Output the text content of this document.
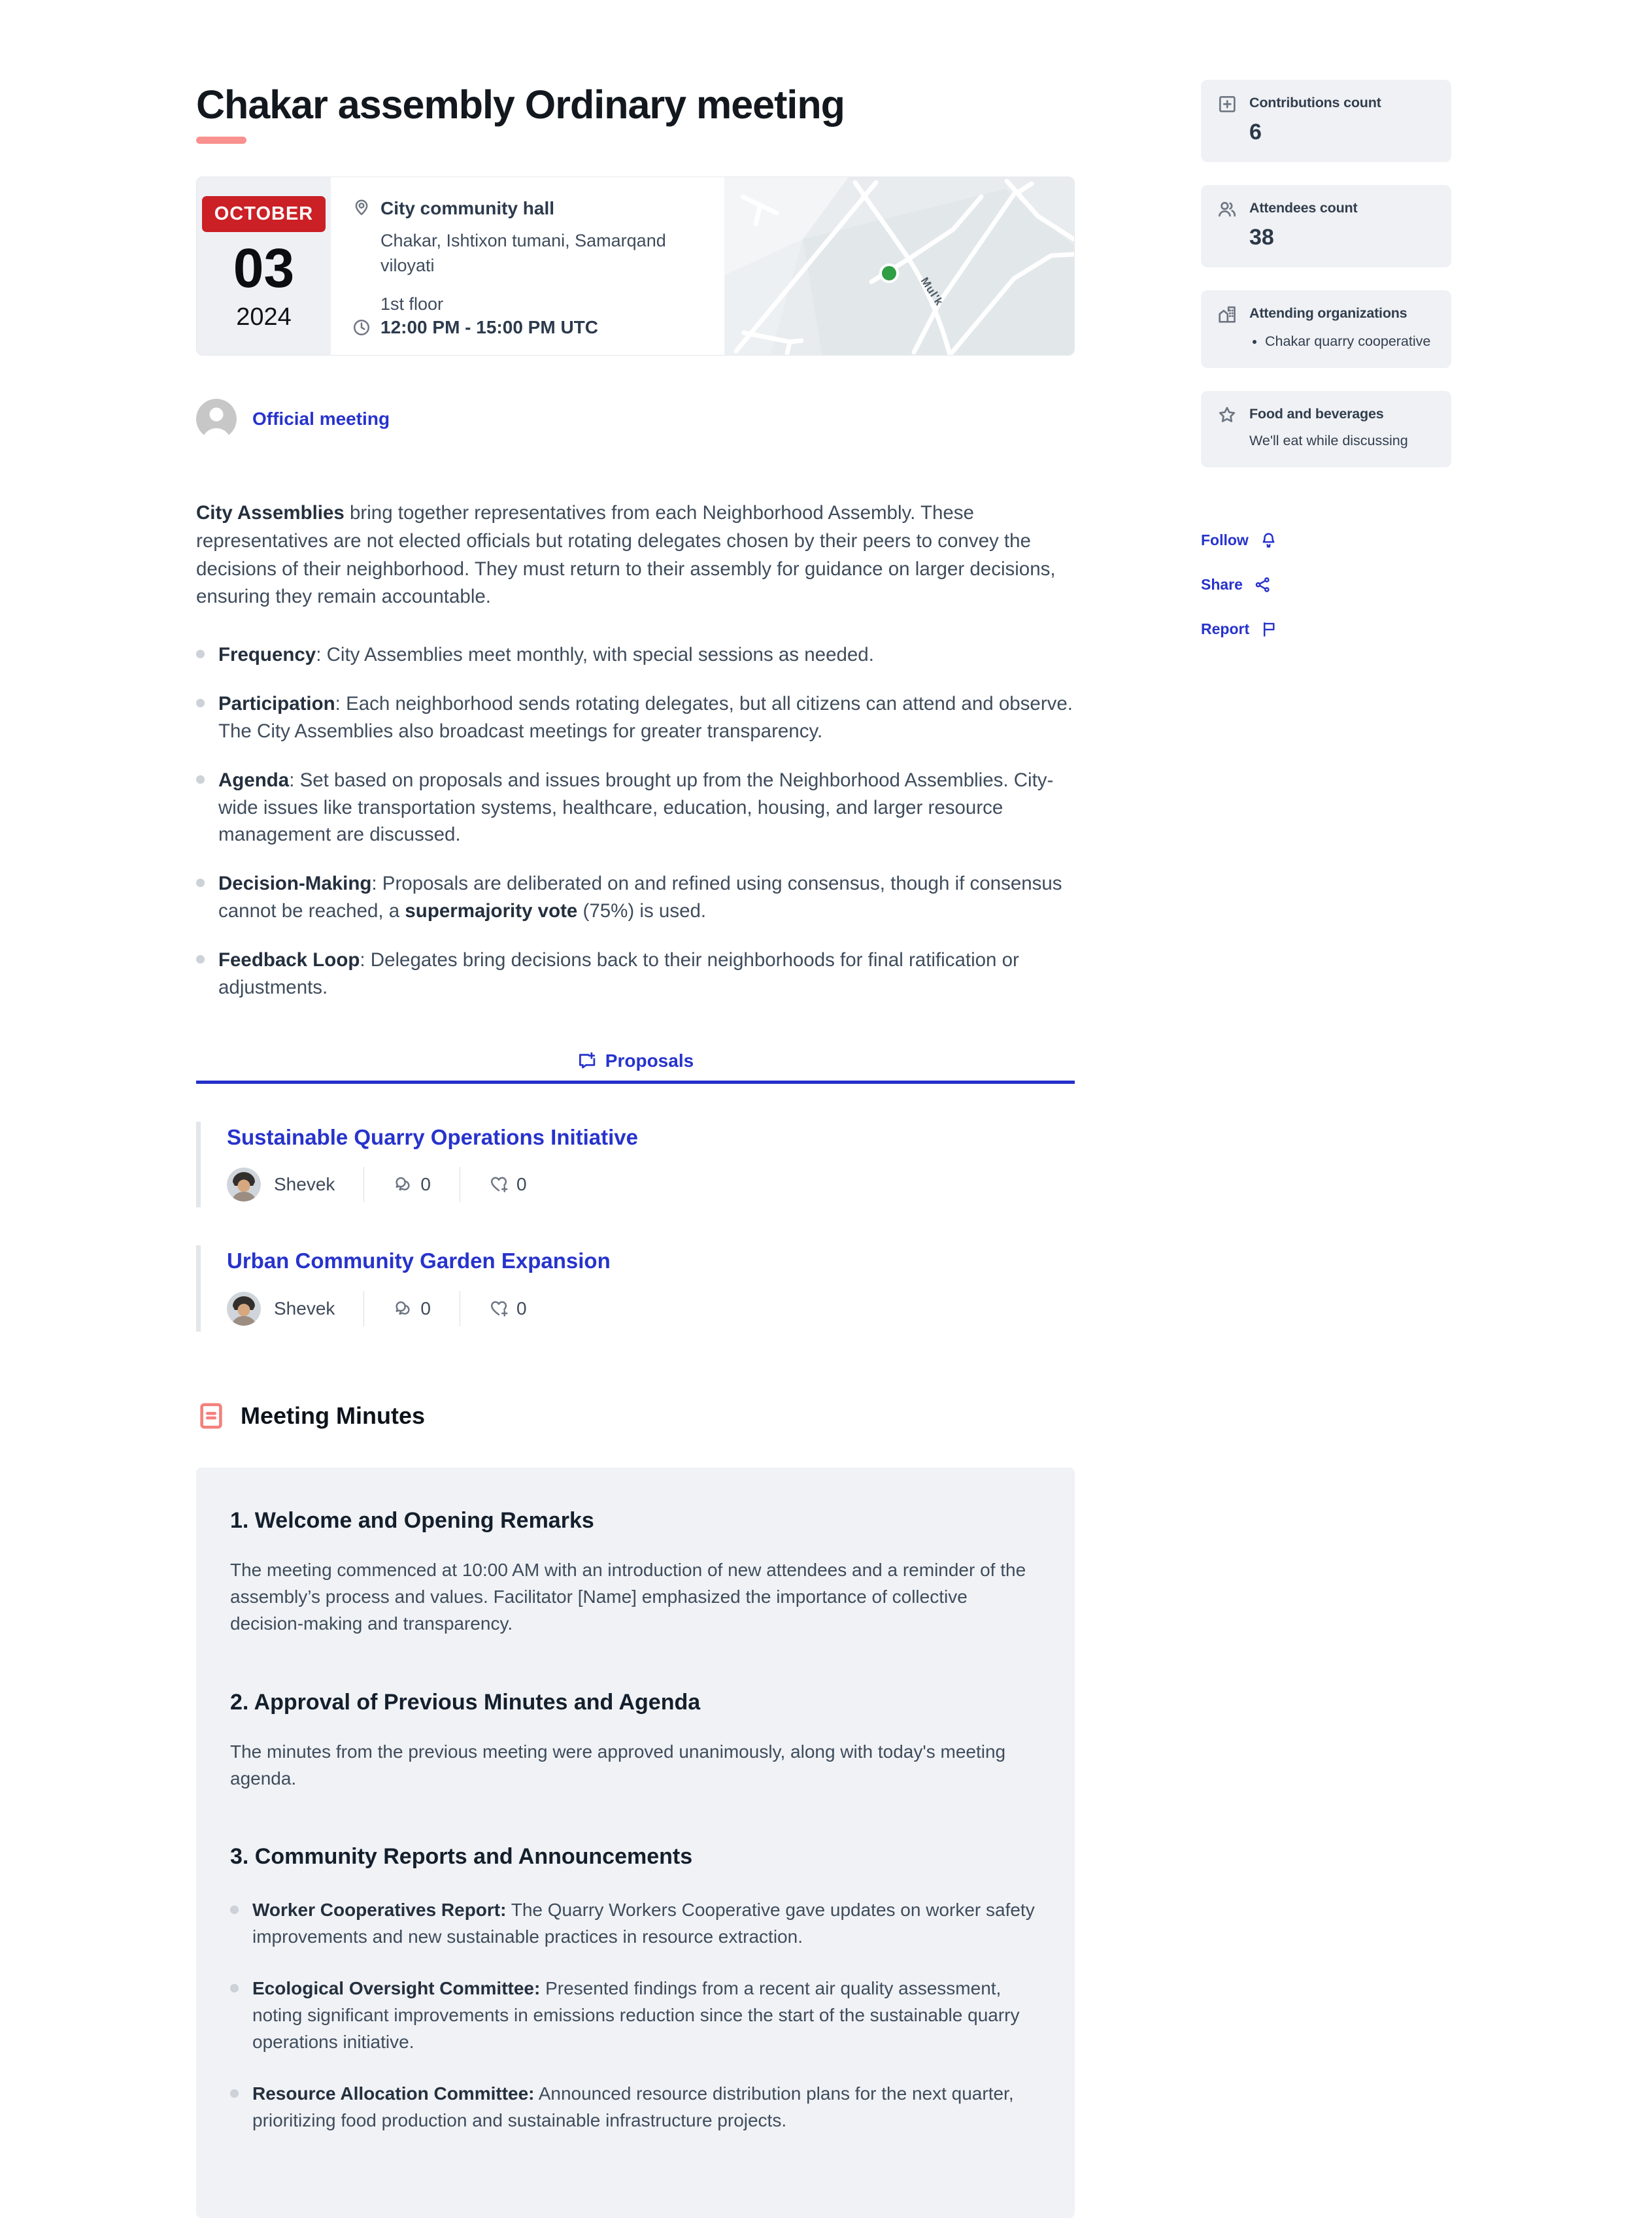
Chakar assembly Ordinary meeting
OCTOBER
03
2024
City community hall
Chakar, Ishtixon tumani, Samarqand viloyati
1st floor
12:00 PM - 15:00 PM UTC
Mul'k
Official meeting

City Assemblies bring together representatives from each Neighborhood Assembly. These representatives are not elected officials but rotating delegates chosen by their peers to convey the decisions of their neighborhood. They must return to their assembly for guidance on larger decisions, ensuring they remain accountable.

Frequency: City Assemblies meet monthly, with special sessions as needed.

Participation: Each neighborhood sends rotating delegates, but all citizens can attend and observe. The City Assemblies also broadcast meetings for greater transparency.

Agenda: Set based on proposals and issues brought up from the Neighborhood Assemblies. City-wide issues like transportation systems, healthcare, education, housing, and larger resource management are discussed.

Decision-Making: Proposals are deliberated on and refined using consensus, though if consensus cannot be reached, a supermajority vote (75%) is used.

Feedback Loop: Delegates bring decisions back to their neighborhoods for final ratification or adjustments.

Proposals
Sustainable Quarry Operations Initiative
Shevek	0	0
Urban Community Garden Expansion
Shevek	0	0
Meeting Minutes
1. Welcome and Opening Remarks

The meeting commenced at 10:00 AM with an introduction of new attendees and a reminder of the assembly’s process and values. Facilitator [Name] emphasized the importance of collective decision-making and transparency.

2. Approval of Previous Minutes and Agenda

The minutes from the previous meeting were approved unanimously, along with today's meeting agenda.

3. Community Reports and Announcements

Worker Cooperatives Report: The Quarry Workers Cooperative gave updates on worker safety improvements and new sustainable practices in resource extraction.

Ecological Oversight Committee: Presented findings from a recent air quality assessment, noting significant improvements in emissions reduction since the start of the sustainable quarry operations initiative.

Resource Allocation Committee: Announced resource distribution plans for the next quarter, prioritizing food production and sustainable infrastructure projects.

Contributions count
6
Attendees count
38
Attending organizations
• Chakar quarry cooperative
Food and beverages
We'll eat while discussing
Follow
Share
Report
